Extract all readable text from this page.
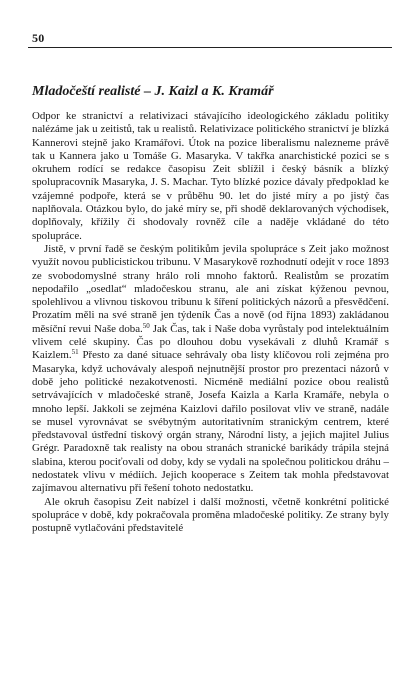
50
Mladočeští realisté – J. Kaizl a K. Kramář

Odpor ke stranictví a relativizaci stávajícího ideologického základu politiky nalézáme jak u zeitistů, tak u realistů. Relativizace politického stranictví je blízká Kannerovi stejně jako Kramářovi. Útok na pozice liberalismu nalezneme právě tak u Kannera jako u Tomáše G. Masaryka. V takřka anarchistické pozici se s okruhem rodící se redakce časopisu Zeit sblížil i český básník a blízký spolupracovník Masaryka, J. S. Machar. Tyto blízké pozice dávaly předpoklad ke vzájemné podpoře, která se v průběhu 90. let do jisté míry a po jistý čas naplňovala. Otázkou bylo, do jaké míry se, při shodě deklarovaných východisek, doplňovaly, křížily či shodovaly rovněž cíle a naděje vkládané do této spolupráce.

Jistě, v první řadě se českým politikům jevila spolupráce s Zeit jako možnost využít novou publicistickou tribunu. V Masarykově rozhodnutí odejít v roce 1893 ze svobodomyslné strany hrálo roli mnoho faktorů. Realistům se prozatím nepodařilo „osedlat“ mladočeskou stranu, ale ani získat kýženou pevnou, spolehlivou a vlivnou tiskovou tribunu k šíření politických názorů a přesvědčení. Prozatím měli na své straně jen týdeník Čas a nově (od října 1893) zakládanou měsíční revui Naše doba.$^{50}$ Jak Čas, tak i Naše doba vyrůstaly pod intelektuálním vlivem celé skupiny. Čas po dlouhou dobu vysekávali z dluhů Kramář s Kaizlem.$^{51}$ Přesto za dané situace sehrávaly oba listy klíčovou roli zejména pro Masaryka, když uchovávaly alespoň nejnutnější prostor pro prezentaci názorů v době jeho politické nezakotvenosti. Nicméně mediální pozice obou realistů setrvávajících v mladočeské straně, Josefa Kaizla a Karla Kramáře, nebyla o mnoho lepší. Jakkoli se zejména Kaizlovi dařilo posilovat vliv ve straně, nadále se musel vyrovnávat se svébytným autoritativním stranickým centrem, které představoval ústřední tiskový orgán strany, Národní listy, a jejich majitel Julius Grégr. Paradoxně tak realisty na obou stranách stranické barikády trápila stejná slabina, kterou pociťovali od doby, kdy se vydali na společnou politickou dráhu – nedostatek vlivu v médiích. Jejich kooperace s Zeitem tak mohla představovat zajímavou alternativu při řešení tohoto nedostatku.

Ale okruh časopisu Zeit nabízel i další možnosti, včetně konkrétní politické spolupráce v době, kdy pokračovala proměna mladočeské politiky. Ze strany byly postupně vytlačováni představitelé
